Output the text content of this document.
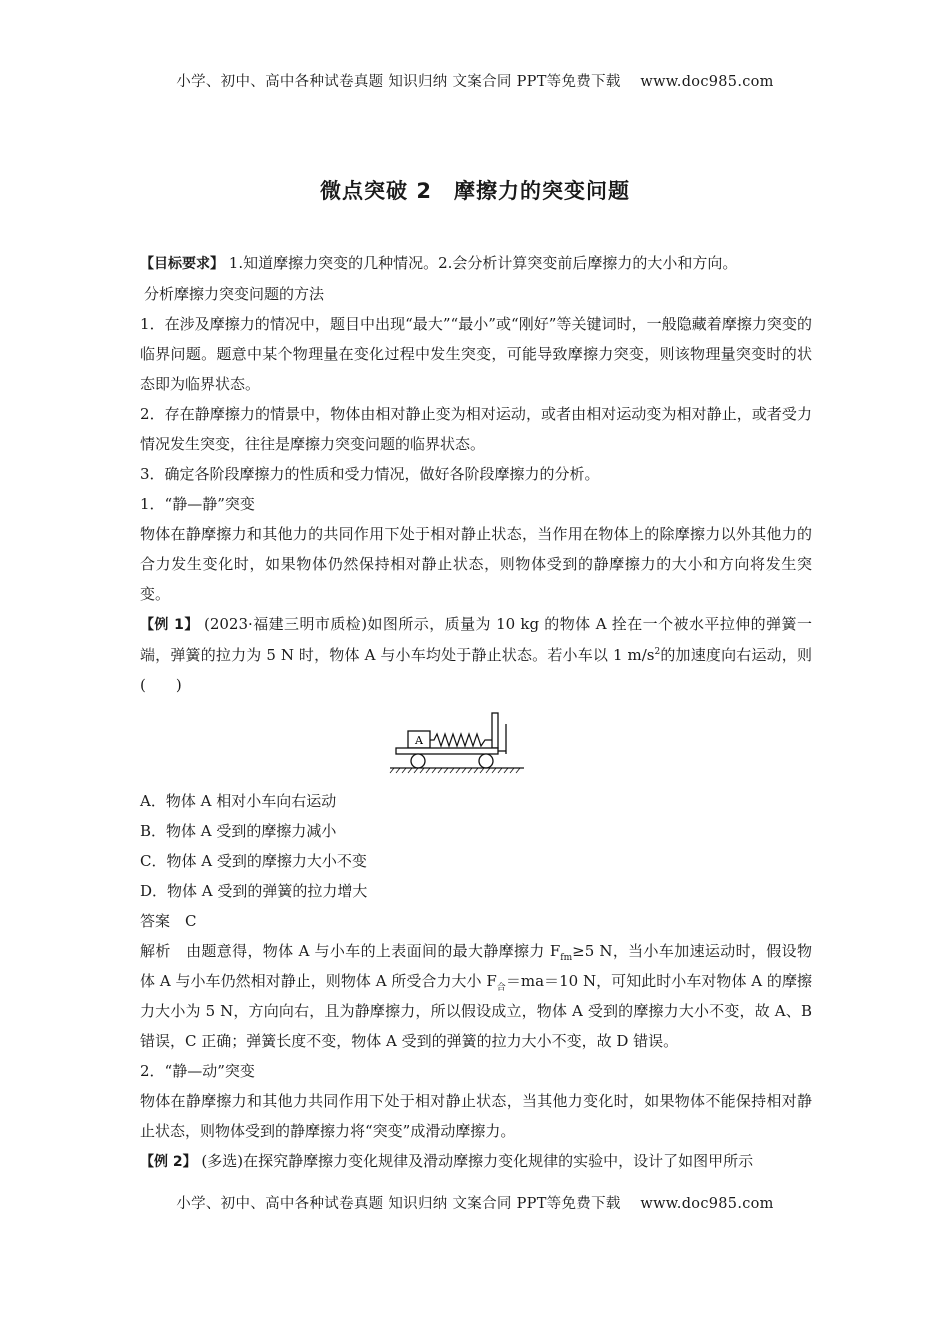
小学、初中、高中各种试卷真题 知识归纳 文案合同 PPT等免费下载　 www.doc985.com
微点突破 2　摩擦力的突变问题

【目标要求】 1.知道摩擦力突变的几种情况。2.会分析计算突变前后摩擦力的大小和方向。

分析摩擦力突变问题的方法

1．在涉及摩擦力的情况中，题目中出现“最大”“最小”或“刚好”等关键词时，一般隐藏着摩擦力突变的临界问题。题意中某个物理量在变化过程中发生突变，可能导致摩擦力突变，则该物理量突变时的状态即为临界状态。

2．存在静摩擦力的情景中，物体由相对静止变为相对运动，或者由相对运动变为相对静止，或者受力情况发生突变，往往是摩擦力突变问题的临界状态。

3．确定各阶段摩擦力的性质和受力情况，做好各阶段摩擦力的分析。

1．“静—静”突变

物体在静摩擦力和其他力的共同作用下处于相对静止状态，当作用在物体上的除摩擦力以外其他力的合力发生变化时，如果物体仍然保持相对静止状态，则物体受到的静摩擦力的大小和方向将发生突变。

【例 1】 (2023·福建三明市质检)如图所示，质量为 10 kg 的物体 A 拴在一个被水平拉伸的弹簧一端，弹簧的拉力为 5 N 时，物体 A 与小车均处于静止状态。若小车以 1 $m/s^2$的加速度向右运动，则(　　)

A

A．物体 A 相对小车向右运动

B．物体 A 受到的摩擦力减小

C．物体 A 受到的摩擦力大小不变

D．物体 A 受到的弹簧的拉力增大

答案　 C

解析　 由题意得，物体 A 与小车的上表面间的最大静摩擦力 $F_{fm}\ge 5$ N，当小车加速运动时，假设物体 A 与小车仍然相对静止，则物体 A 所受合力大小 $F_合=ma=10$ N，可知此时小车对物体 A 的摩擦力大小为 5 N，方向向右，且为静摩擦力，所以假设成立，物体 A 受到的摩擦力大小不变，故 A、B 错误，C 正确；弹簧长度不变，物体 A 受到的弹簧的拉力大小不变，故 D 错误。

2．“静—动”突变

物体在静摩擦力和其他力共同作用下处于相对静止状态，当其他力变化时，如果物体不能保持相对静止状态，则物体受到的静摩擦力将“突变”成滑动摩擦力。

【例 2】 (多选)在探究静摩擦力变化规律及滑动摩擦力变化规律的实验中，设计了如图甲所示

小学、初中、高中各种试卷真题 知识归纳 文案合同 PPT等免费下载　 www.doc985.com
